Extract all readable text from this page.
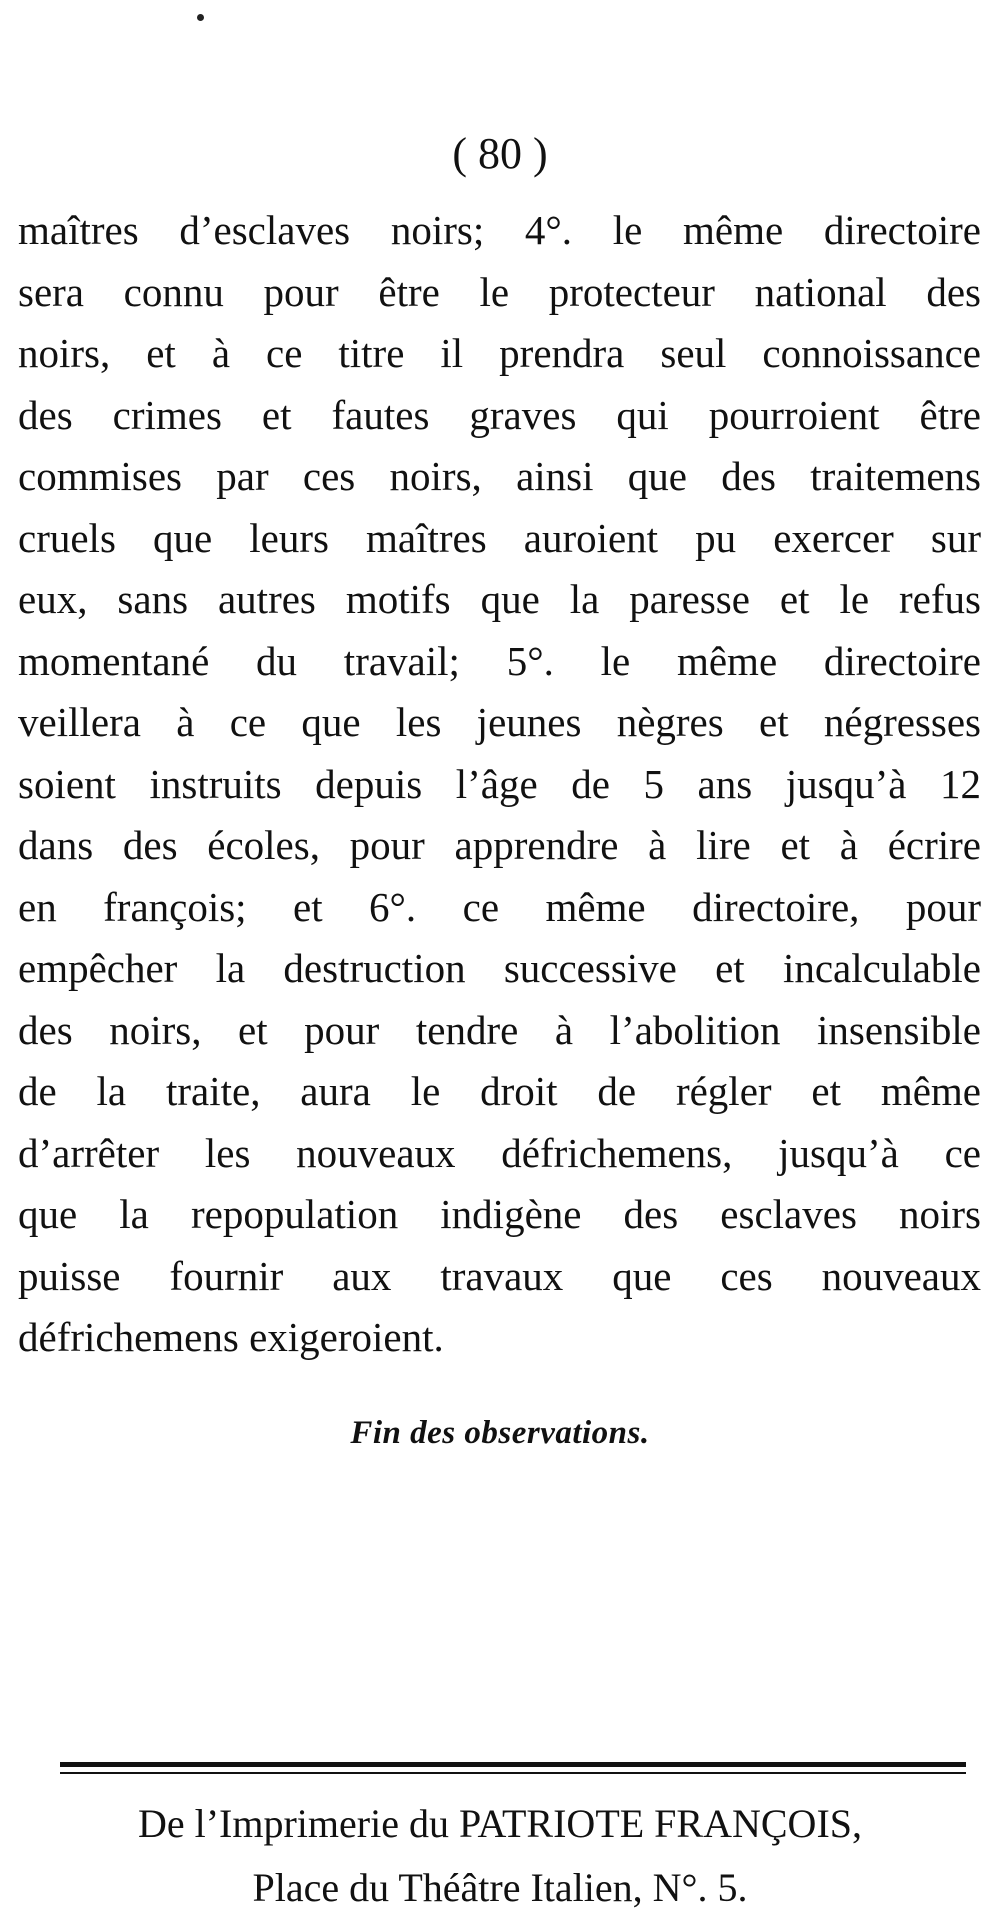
( 80 )
maîtres d’esclaves noirs; 4°. le même directoire
sera connu pour être le protecteur national des
noirs, et à ce titre il prendra seul connoissance
des crimes et fautes graves qui pourroient être
commises par ces noirs, ainsi que des traitemens
cruels que leurs maîtres auroient pu exercer sur
eux, sans autres motifs que la paresse et le refus
momentané du travail; 5°. le même directoire
veillera à ce que les jeunes nègres et négresses
soient instruits depuis l’âge de 5 ans jusqu’à 12
dans des écoles, pour apprendre à lire et à écrire
en françois; et 6°. ce même directoire, pour
empêcher la destruction successive et incalculable
des noirs, et pour tendre à l’abolition insensible
de la traite, aura le droit de régler et même
d’arrêter les nouveaux défrichemens, jusqu’à ce
que la repopulation indigène des esclaves noirs
puisse fournir aux travaux que ces nouveaux
défrichemens exigeroient.
Fin des observations.
De l’Imprimerie du PATRIOTE FRANÇOIS,
Place du Théâtre Italien, N°. 5.
